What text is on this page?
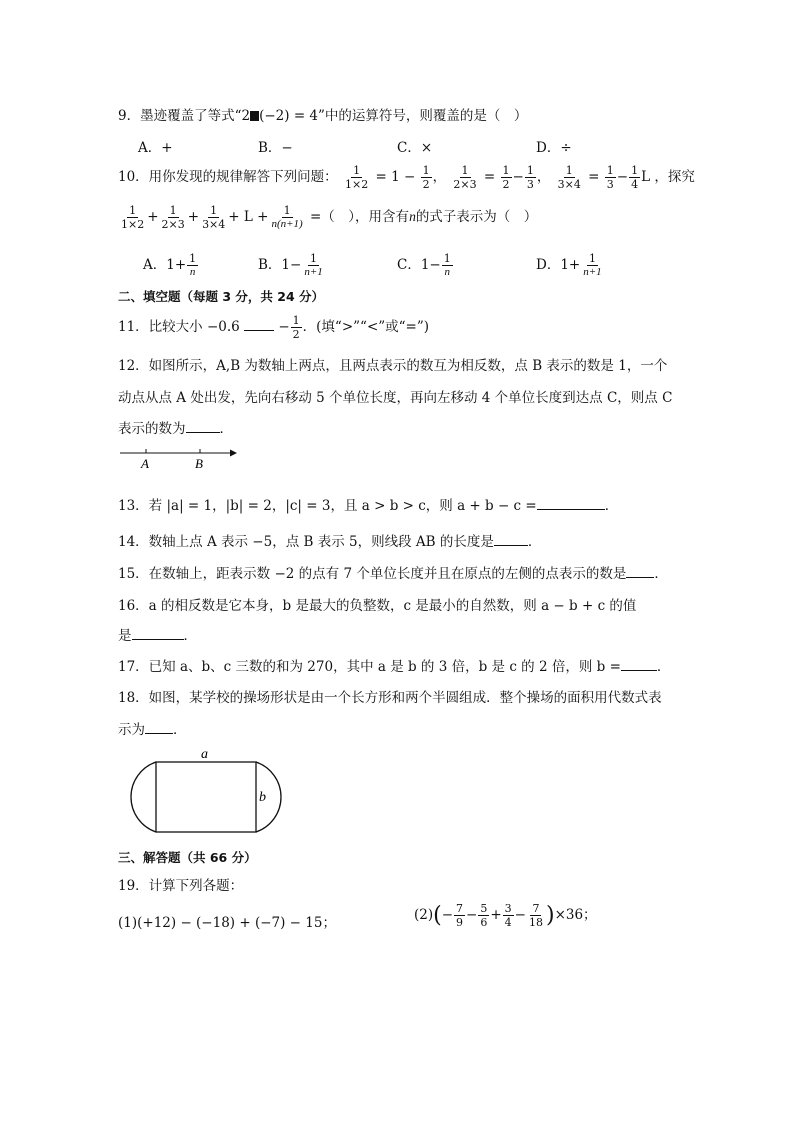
9．墨迹覆盖了等式“2 (−2) = 4”中的运算符号，则覆盖的是（　）
A．+	B．−	C．×	D．÷
10．用你发现的规律解答下列问题： $\frac{1}{1\times 2} = 1 - \frac{1}{2}$ ， $\frac{1}{2\times 3} = \frac{1}{2} - \frac{1}{3}$ ， $\frac{1}{3\times 4} = \frac{1}{3} - \frac{1}{4}$ L ，探究
$\frac{1}{1\times 2} + \frac{1}{2\times 3} + \frac{1}{3\times 4} + L + \frac{1}{n(n+1)}$ =（　），用含有n的式子表示为（　）
A．$1+ \frac{1}{n}$	B．$1- \frac{1}{n+1}$	C．$1- \frac{1}{n}$	D．$1+ \frac{1}{n+1}$
二、填空题（每题 3 分，共 24 分）
11．比较大小 $-0.6 - \frac{1}{2}$ ．(填“>”“<”或“=”)
12．如图所示，A,B 为数轴上两点，且两点表示的数互为相反数，点 B 表示的数是 1，一个
动点从点 A 处出发，先向右移动 5 个单位长度，再向左移动 4 个单位长度到达点 C，则点 C
表示的数为	．
A	B
13．若 |a| = 1，|b| = 2，|c| = 3，且 a > b > c，则 a + b − c =	．
14．数轴上点 A 表示 −5，点 B 表示 5，则线段 AB 的长度是	．
15．在数轴上，距表示数 −2 的点有 7 个单位长度并且在原点的左侧的点表示的数是 ．
16．a 的相反数是它本身，b 是最大的负整数，c 是最小的自然数，则 a − b + c 的值
是	．
17．已知 a、b、c 三数的和为 270，其中 a 是 b 的 3 倍，b 是 c 的 2 倍，则 b =	．
18．如图，某学校的操场形状是由一个长方形和两个半圆组成．整个操场的面积用代数式表
示为 ．
a
b
三、解答题（共 66 分）
19．计算下列各题：
(1)(+12) − (−18) + (−7) − 15；	$(2)(- \frac{7}{9} - \frac{5}{6} + \frac{3}{4} - \frac{7}{18} )\times 36$；
